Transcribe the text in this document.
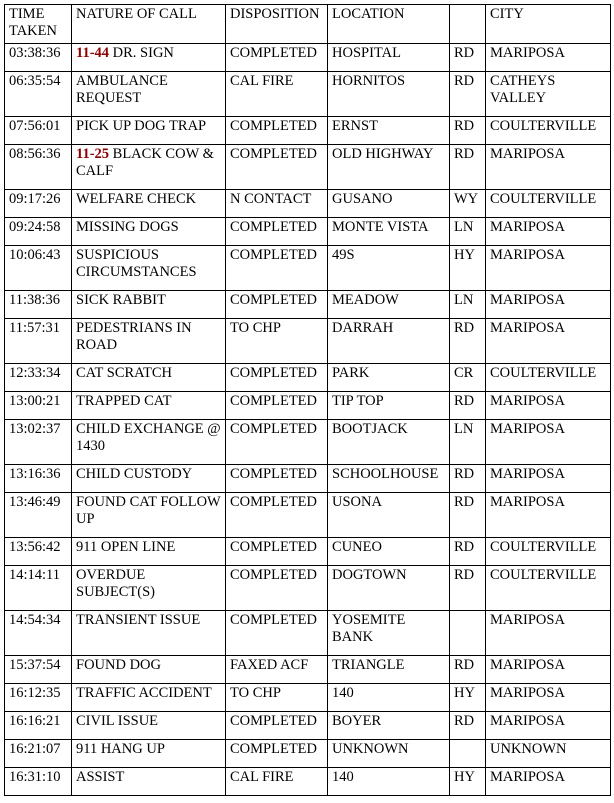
TIME TAKEN	NATURE OF CALL	DISPOSITION	LOCATION		CITY
03:38:36	11-44 DR. SIGN	COMPLETED	HOSPITAL	RD	MARIPOSA
06:35:54	AMBULANCE REQUEST	CAL FIRE	HORNITOS	RD	CATHEYS VALLEY
07:56:01	PICK UP DOG TRAP	COMPLETED	ERNST	RD	COULTERVILLE
08:56:36	11-25 BLACK COW & CALF	COMPLETED	OLD HIGHWAY	RD	MARIPOSA
09:17:26	WELFARE CHECK	N CONTACT	GUSANO	WY	COULTERVILLE
09:24:58	MISSING DOGS	COMPLETED	MONTE VISTA	LN	MARIPOSA
10:06:43	SUSPICIOUS CIRCUMSTANCES	COMPLETED	49S	HY	MARIPOSA
11:38:36	SICK RABBIT	COMPLETED	MEADOW	LN	MARIPOSA
11:57:31	PEDESTRIANS IN ROAD	TO CHP	DARRAH	RD	MARIPOSA
12:33:34	CAT SCRATCH	COMPLETED	PARK	CR	COULTERVILLE
13:00:21	TRAPPED CAT	COMPLETED	TIP TOP	RD	MARIPOSA
13:02:37	CHILD EXCHANGE @ 1430	COMPLETED	BOOTJACK	LN	MARIPOSA
13:16:36	CHILD CUSTODY	COMPLETED	SCHOOLHOUSE	RD	MARIPOSA
13:46:49	FOUND CAT FOLLOW UP	COMPLETED	USONA	RD	MARIPOSA
13:56:42	911 OPEN LINE	COMPLETED	CUNEO	RD	COULTERVILLE
14:14:11	OVERDUE SUBJECT(S)	COMPLETED	DOGTOWN	RD	COULTERVILLE
14:54:34	TRANSIENT ISSUE	COMPLETED	YOSEMITE BANK		MARIPOSA
15:37:54	FOUND DOG	FAXED ACF	TRIANGLE	RD	MARIPOSA
16:12:35	TRAFFIC ACCIDENT	TO CHP	140	HY	MARIPOSA
16:16:21	CIVIL ISSUE	COMPLETED	BOYER	RD	MARIPOSA
16:21:07	911 HANG UP	COMPLETED	UNKNOWN		UNKNOWN
16:31:10	ASSIST	CAL FIRE	140	HY	MARIPOSA
